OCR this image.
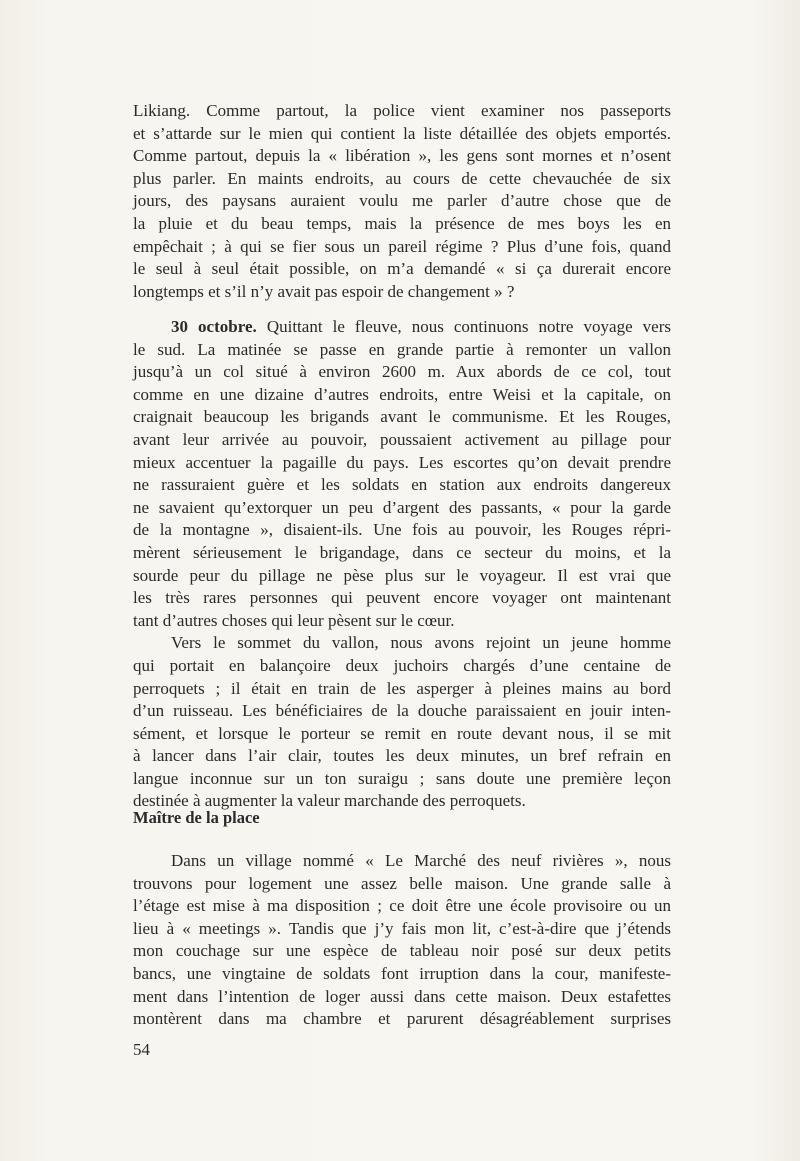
Likiang. Comme partout, la police vient examiner nos passeports
et s’attarde sur le mien qui contient la liste détaillée des objets emportés.
Comme partout, depuis la « libération », les gens sont mornes et n’osent
plus parler. En maints endroits, au cours de cette chevauchée de six
jours, des paysans auraient voulu me parler d’autre chose que de
la pluie et du beau temps, mais la présence de mes boys les en
empêchait ; à qui se fier sous un pareil régime ? Plus d’une fois, quand
le seul à seul était possible, on m’a demandé « si ça durerait encore
longtemps et s’il n’y avait pas espoir de changement » ?
30 octobre. Quittant le fleuve, nous continuons notre voyage vers
le sud. La matinée se passe en grande partie à remonter un vallon
jusqu’à un col situé à environ 2600 m. Aux abords de ce col, tout
comme en une dizaine d’autres endroits, entre Weisi et la capitale, on
craignait beaucoup les brigands avant le communisme. Et les Rouges,
avant leur arrivée au pouvoir, poussaient activement au pillage pour
mieux accentuer la pagaille du pays. Les escortes qu’on devait prendre
ne rassuraient guère et les soldats en station aux endroits dangereux
ne savaient qu’extorquer un peu d’argent des passants, « pour la garde
de la montagne », disaient-ils. Une fois au pouvoir, les Rouges répri-
mèrent sérieusement le brigandage, dans ce secteur du moins, et la
sourde peur du pillage ne pèse plus sur le voyageur. Il est vrai que
les très rares personnes qui peuvent encore voyager ont maintenant
tant d’autres choses qui leur pèsent sur le cœur.
Vers le sommet du vallon, nous avons rejoint un jeune homme
qui portait en balançoire deux juchoirs chargés d’une centaine de
perroquets ; il était en train de les asperger à pleines mains au bord
d’un ruisseau. Les bénéficiaires de la douche paraissaient en jouir inten-
sément, et lorsque le porteur se remit en route devant nous, il se mit
à lancer dans l’air clair, toutes les deux minutes, un bref refrain en
langue inconnue sur un ton suraigu ; sans doute une première leçon
destinée à augmenter la valeur marchande des perroquets.
Maître de la place
Dans un village nommé « Le Marché des neuf rivières », nous
trouvons pour logement une assez belle maison. Une grande salle à
l’étage est mise à ma disposition ; ce doit être une école provisoire ou un
lieu à « meetings ». Tandis que j’y fais mon lit, c’est-à-dire que j’étends
mon couchage sur une espèce de tableau noir posé sur deux petits
bancs, une vingtaine de soldats font irruption dans la cour, manifeste-
ment dans l’intention de loger aussi dans cette maison. Deux estafettes
montèrent dans ma chambre et parurent désagréablement surprises
54
